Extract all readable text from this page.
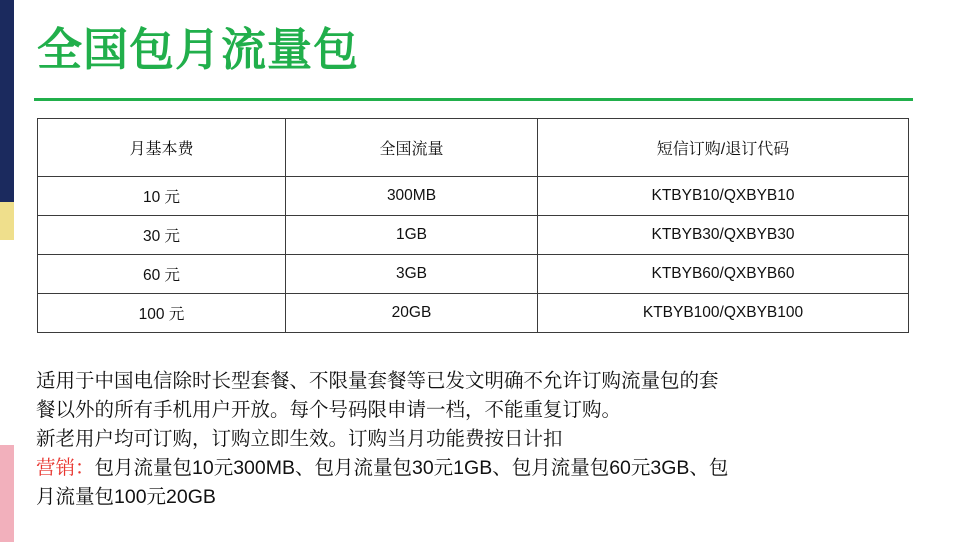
全国包月流量包
月基本费	全国流量	短信订购/退订代码
10 元	300MB	KTBYB10/QXBYB10
30 元	1GB	KTBYB30/QXBYB30
60 元	3GB	KTBYB60/QXBYB60
100 元	20GB	KTBYB100/QXBYB100

适用于中国电信除时长型套餐、不限量套餐等已发文明确不允许订购流量包的套

餐以外的所有手机用户开放。每个号码限申请一档，不能重复订购。

新老用户均可订购，订购立即生效。订购当月功能费按日计扣

营销：包月流量包10元300MB、包月流量包30元1GB、包月流量包60元3GB、包

月流量包100元20GB
